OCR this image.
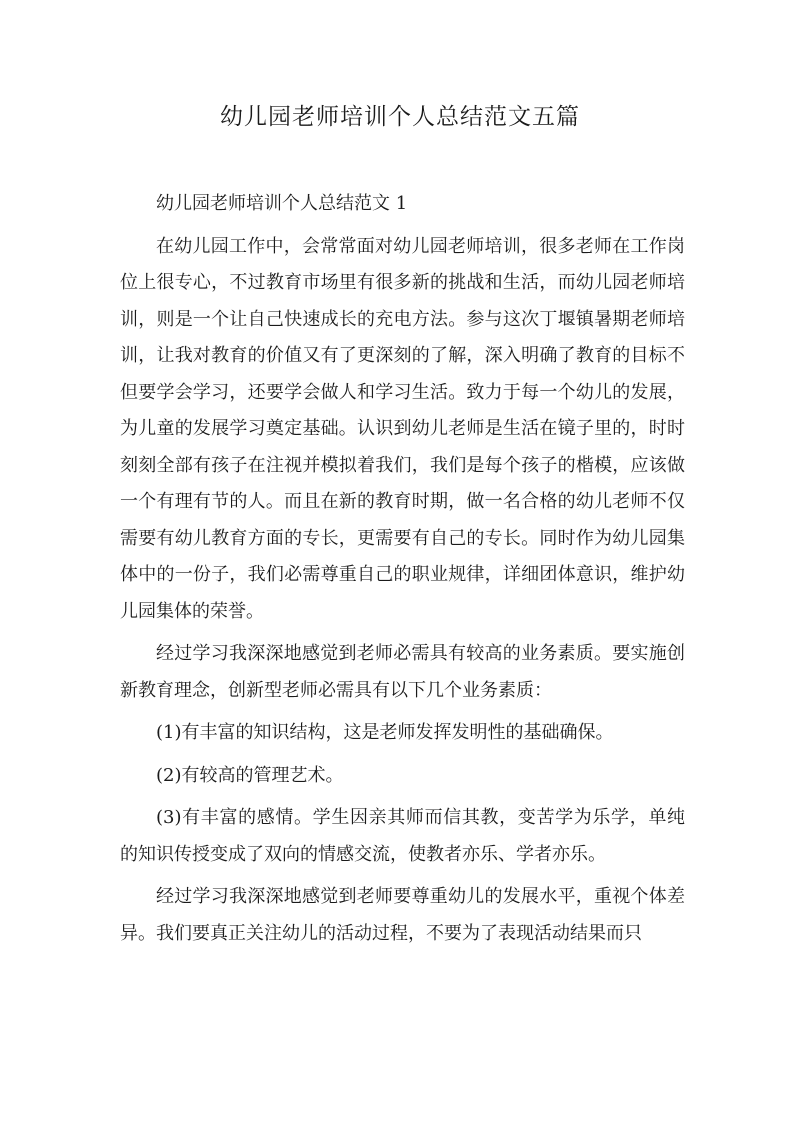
幼儿园老师培训个人总结范文五篇

幼儿园老师培训个人总结范文 1

在幼儿园工作中，会常常面对幼儿园老师培训，很多老师在工作岗位上很专心，不过教育市场里有很多新的挑战和生活，而幼儿园老师培训，则是一个让自己快速成长的充电方法。参与这次丁堰镇暑期老师培训，让我对教育的价值又有了更深刻的了解，深入明确了教育的目标不但要学会学习，还要学会做人和学习生活。致力于每一个幼儿的发展，为儿童的发展学习奠定基础。认识到幼儿老师是生活在镜子里的，时时刻刻全部有孩子在注视并模拟着我们，我们是每个孩子的楷模，应该做一个有理有节的人。而且在新的教育时期，做一名合格的幼儿老师不仅需要有幼儿教育方面的专长，更需要有自己的专长。同时作为幼儿园集体中的一份子，我们必需尊重自己的职业规律，详细团体意识，维护幼儿园集体的荣誉。

经过学习我深深地感觉到老师必需具有较高的业务素质。要实施创新教育理念，创新型老师必需具有以下几个业务素质：

(1)有丰富的知识结构，这是老师发挥发明性的基础确保。

(2)有较高的管理艺术。

(3)有丰富的感情。学生因亲其师而信其教，变苦学为乐学，单纯的知识传授变成了双向的情感交流，使教者亦乐、学者亦乐。

经过学习我深深地感觉到老师要尊重幼儿的发展水平，重视个体差异。我们要真正关注幼儿的活动过程，不要为了表现活动结果而只
